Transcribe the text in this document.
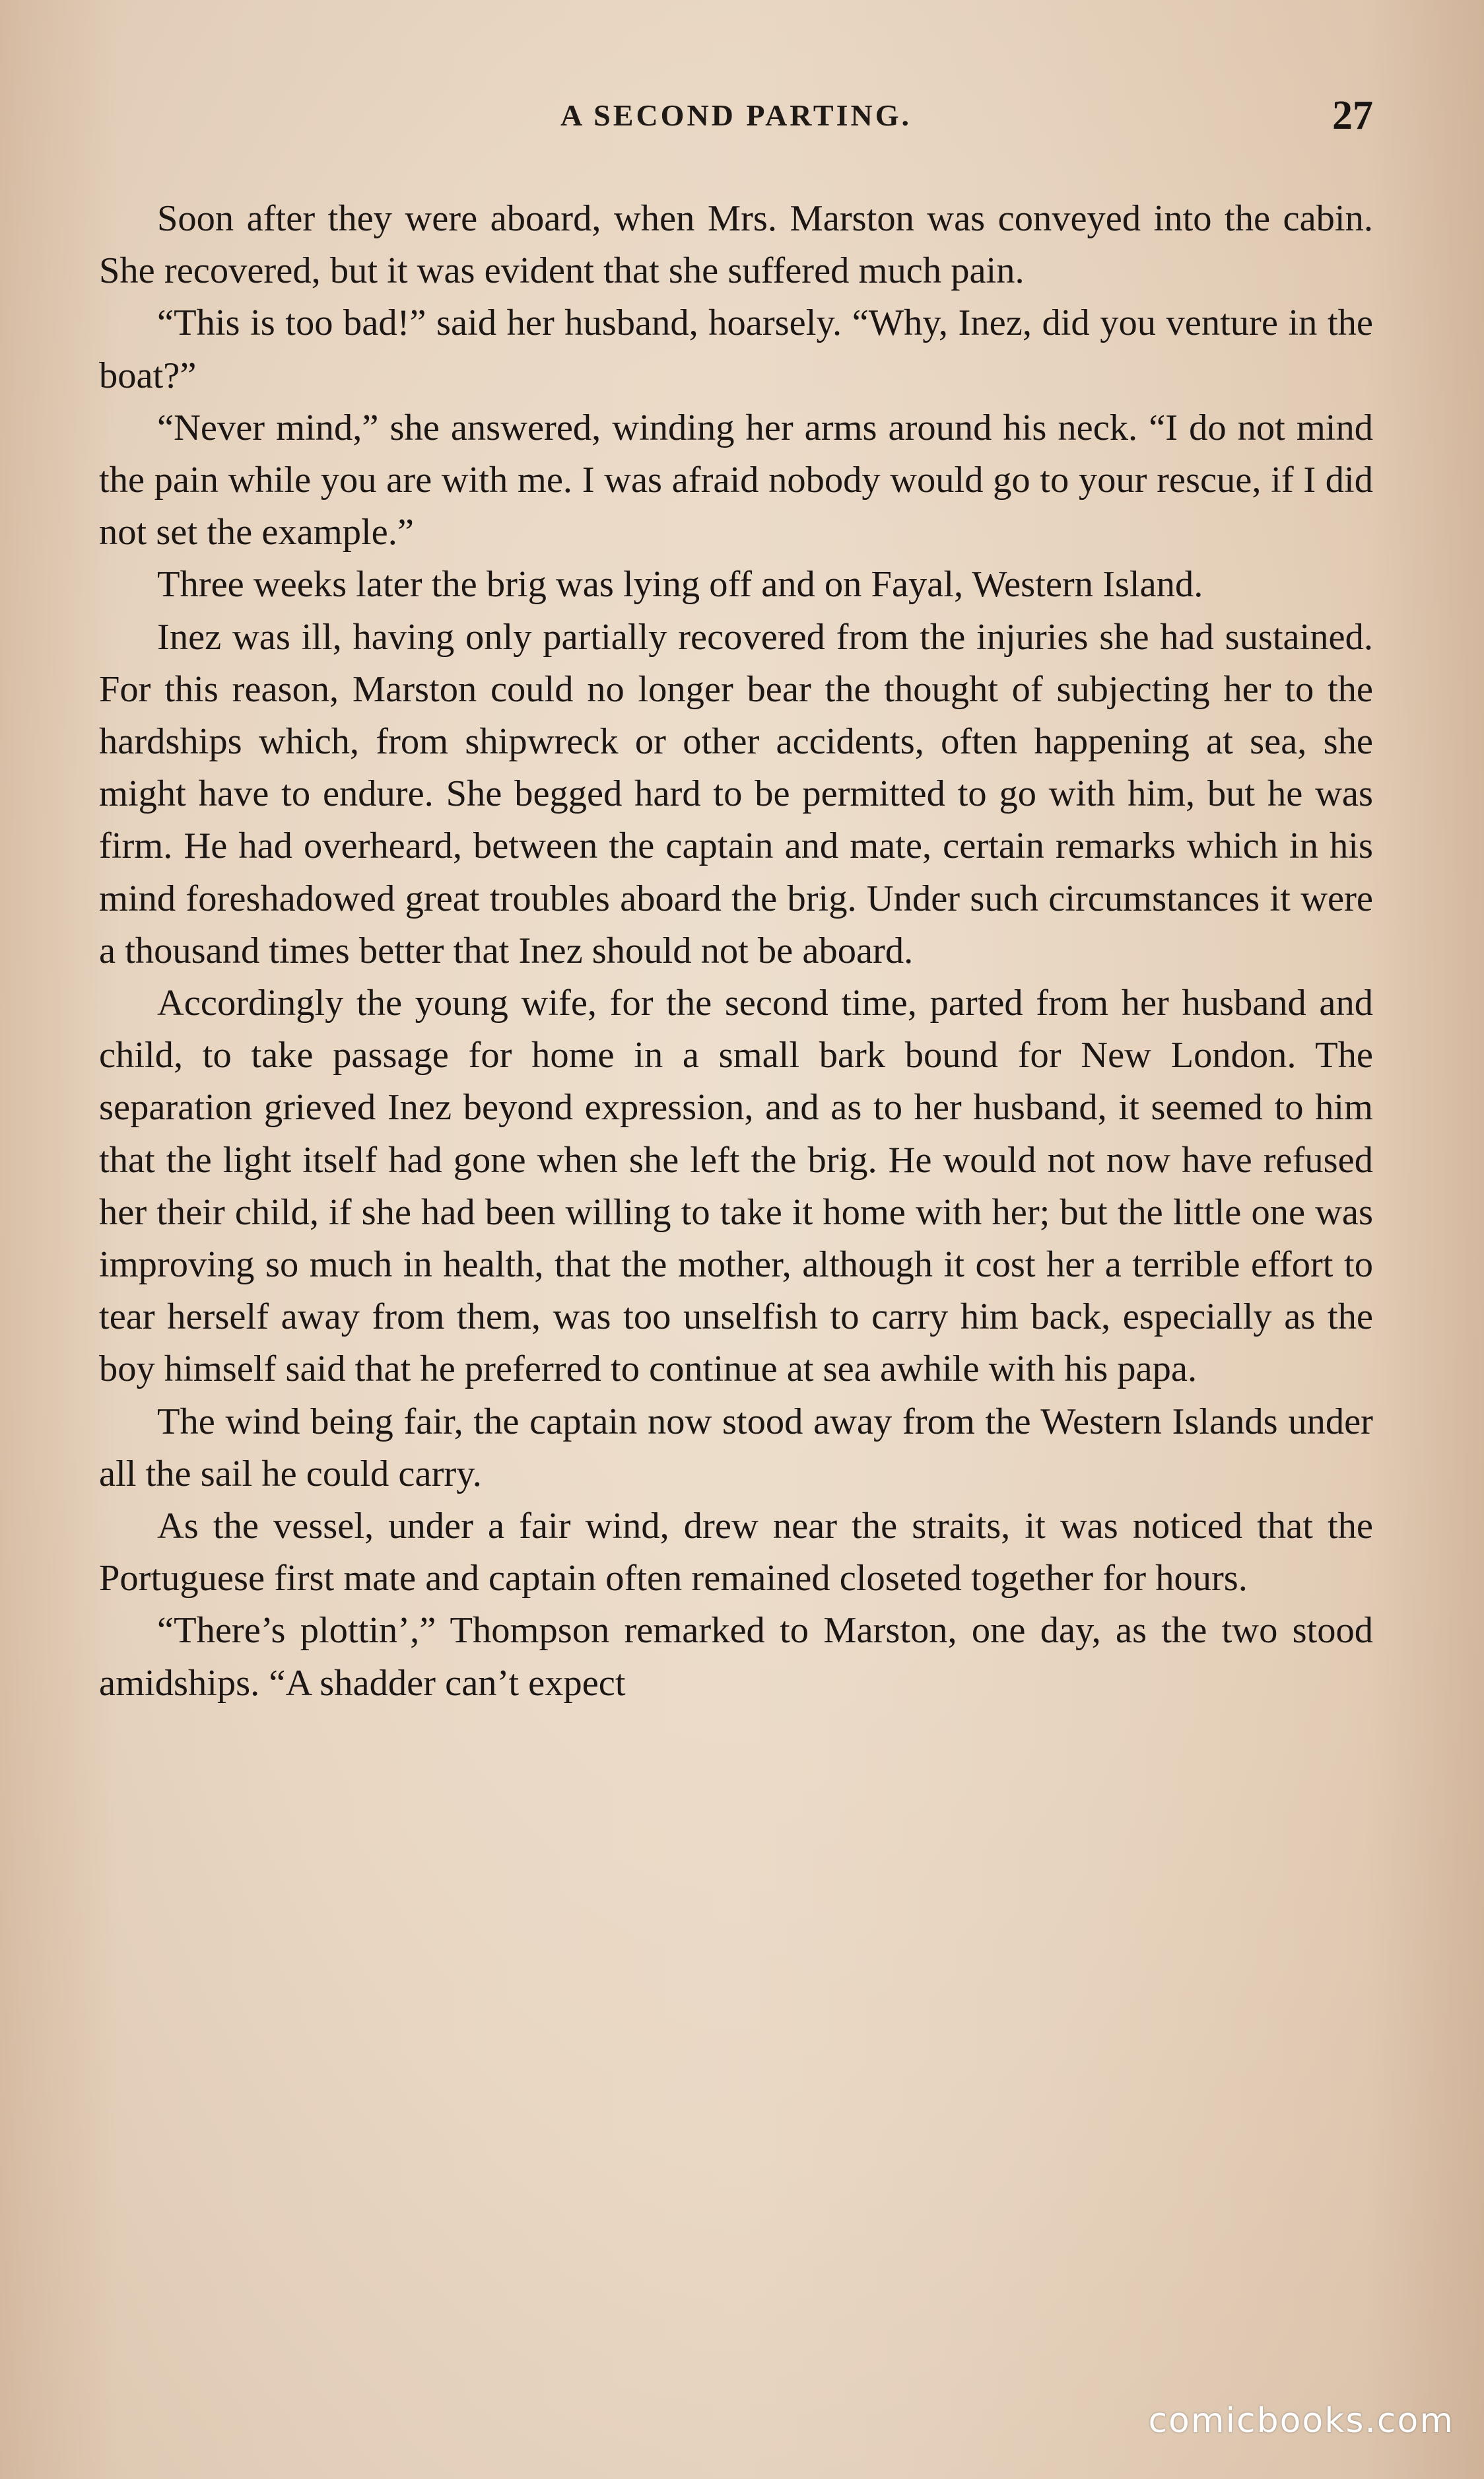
A SECOND PARTING.	27

Soon after they were aboard, when Mrs. Marston was conveyed into the cabin. She recovered, but it was evident that she suffered much pain.

“This is too bad!” said her husband, hoarsely. “Why, Inez, did you venture in the boat?”

“Never mind,” she answered, winding her arms around his neck. “I do not mind the pain while you are with me. I was afraid nobody would go to your rescue, if I did not set the example.”

Three weeks later the brig was lying off and on Fayal, Western Island.

Inez was ill, having only partially recovered from the injuries she had sustained. For this reason, Marston could no longer bear the thought of subjecting her to the hardships which, from shipwreck or other accidents, often happening at sea, she might have to endure. She begged hard to be permitted to go with him, but he was firm. He had overheard, between the captain and mate, certain remarks which in his mind foreshadowed great troubles aboard the brig. Under such circumstances it were a thousand times better that Inez should not be aboard.

Accordingly the young wife, for the second time, parted from her husband and child, to take passage for home in a small bark bound for New London. The separation grieved Inez beyond expression, and as to her husband, it seemed to him that the light itself had gone when she left the brig. He would not now have refused her their child, if she had been willing to take it home with her; but the little one was improving so much in health, that the mother, although it cost her a terrible effort to tear herself away from them, was too unselfish to carry him back, especially as the boy himself said that he preferred to continue at sea awhile with his papa.

The wind being fair, the captain now stood away from the Western Islands under all the sail he could carry.

As the vessel, under a fair wind, drew near the straits, it was noticed that the Portuguese first mate and captain often remained closeted together for hours.

“There’s plottin’,” Thompson remarked to Marston, one day, as the two stood amidships. “A shadder can’t expect

comicbooks.com
